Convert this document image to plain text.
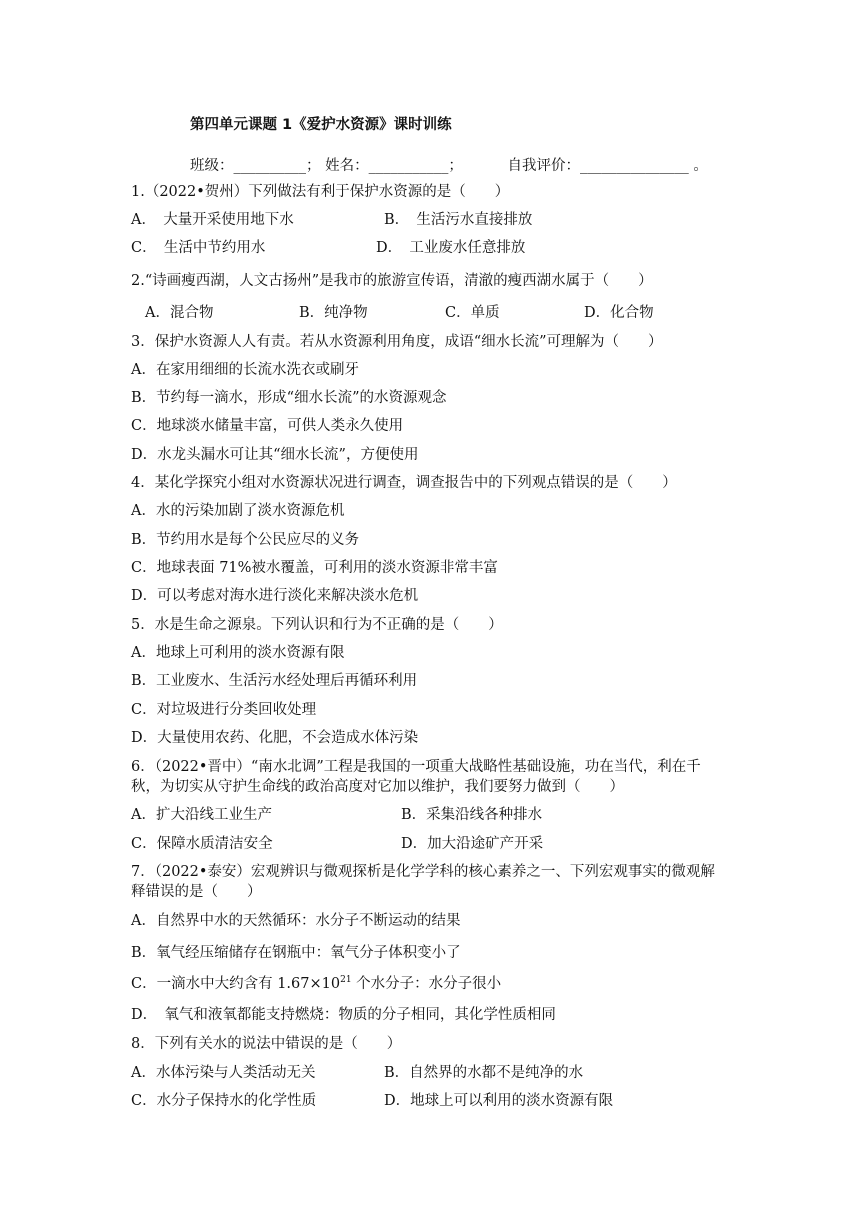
第四单元课题 1《爱护水资源》课时训练
班级：__________； 姓名：___________；	自我评价：_______________ 。
1.（2022•贺州）下列做法有利于保护水资源的是（　　）
A．　大量开采使用地下水	B．　生活污水直接排放
C．　生活中节约用水	D．　工业废水任意排放
2.“诗画瘦西湖，人文古扬州”是我市的旅游宣传语，清澈的瘦西湖水属于（　　）
A．混合物	B．纯净物	C．单质	D．化合物
3．保护水资源人人有责。若从水资源利用角度，成语“细水长流”可理解为（　　）
A．在家用细细的长流水洗衣或刷牙
B．节约每一滴水，形成“细水长流”的水资源观念
C．地球淡水储量丰富，可供人类永久使用
D．水龙头漏水可让其“细水长流”，方便使用
4．某化学探究小组对水资源状况进行调查，调查报告中的下列观点错误的是（　　）
A．水的污染加剧了淡水资源危机
B．节约用水是每个公民应尽的义务
C．地球表面 71%被水覆盖，可利用的淡水资源非常丰富
D．可以考虑对海水进行淡化来解决淡水危机
5．水是生命之源泉。下列认识和行为不正确的是（　　）
A．地球上可利用的淡水资源有限
B．工业废水、生活污水经处理后再循环利用
C．对垃圾进行分类回收处理
D．大量使用农药、化肥，不会造成水体污染
6．（2022•晋中）“南水北调”工程是我国的一项重大战略性基础设施，功在当代，利在千
秋，为切实从守护生命线的政治高度对它加以维护，我们要努力做到（　　）
A．扩大沿线工业生产	B．采集沿线各种排水
C．保障水质清洁安全	D．加大沿途矿产开采
7．（2022•泰安）宏观辨识与微观探析是化学学科的核心素养之一、下列宏观事实的微观解
释错误的是（　　）
A．自然界中水的天然循环：水分子不断运动的结果
B．氧气经压缩储存在钢瓶中：氧气分子体积变小了
C．一滴水中大约含有 $1.67\times 10^{21}$ 个水分子：水分子很小
D．　氧气和液氧都能支持燃烧：物质的分子相同，其化学性质相同
8．下列有关水的说法中错误的是（　　）
A．水体污染与人类活动无关	B．自然界的水都不是纯净的水
C．水分子保持水的化学性质	D．地球上可以利用的淡水资源有限
